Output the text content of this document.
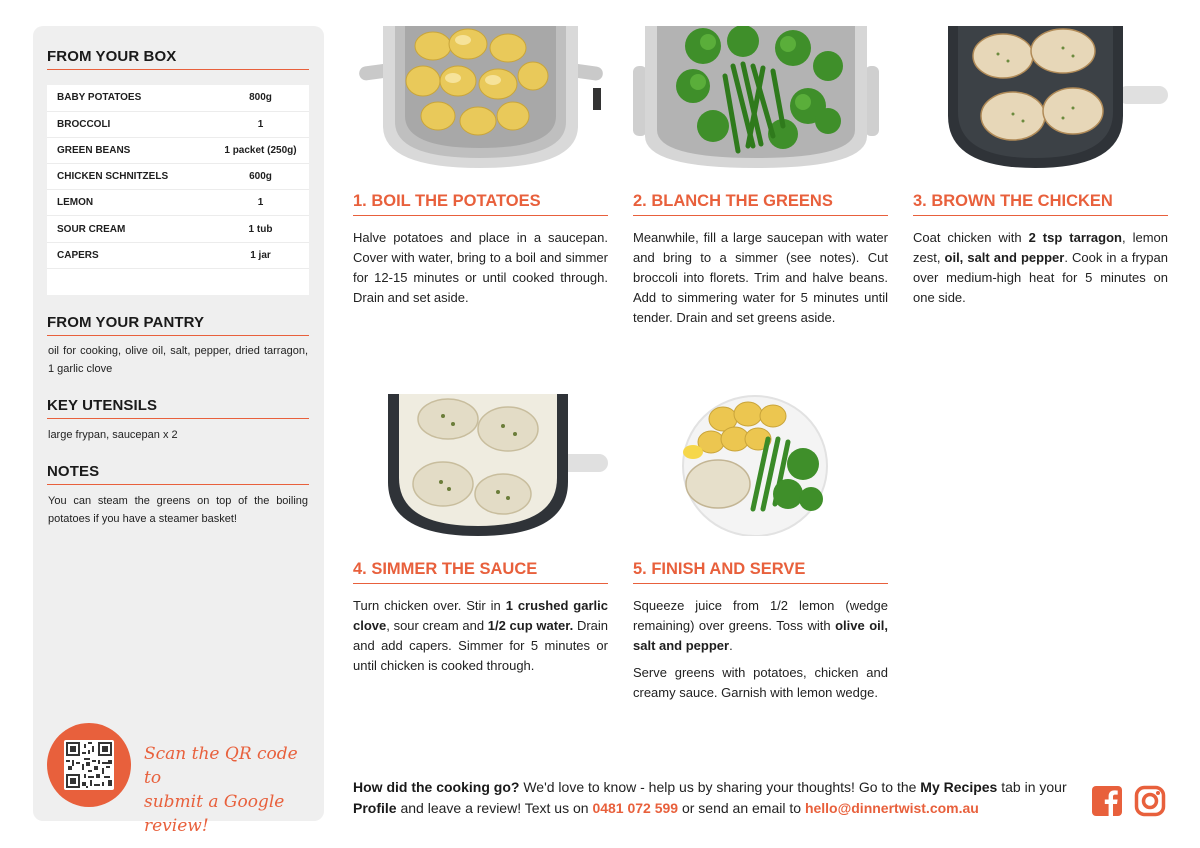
FROM YOUR BOX
BABY POTATOES	800g
BROCCOLI	1
GREEN BEANS	1 packet (250g)
CHICKEN SCHNITZELS	600g
LEMON	1
SOUR CREAM	1 tub
CAPERS	1 jar

FROM YOUR PANTRY
oil for cooking, olive oil, salt, pepper, dried tarragon, 1 garlic clove
KEY UTENSILS
large frypan, saucepan x 2
NOTES
You can steam the greens on top of the boiling potatoes if you have a steamer basket!
Scan the QR code to
submit a Google review!
1. BOIL THE POTATOES

Halve potatoes and place in a saucepan. Cover with water, bring to a boil and simmer for 12-15 minutes or until cooked through. Drain and set aside.

2. BLANCH THE GREENS

Meanwhile, fill a large saucepan with water and bring to a simmer (see notes). Cut broccoli into florets. Trim and halve beans. Add to simmering water for 5 minutes until tender. Drain and set greens aside.

3. BROWN THE CHICKEN

Coat chicken with 2 tsp tarragon, lemon zest, oil, salt and pepper. Cook in a frypan over medium-high heat for 5 minutes on one side.

4. SIMMER THE SAUCE

Turn chicken over. Stir in 1 crushed garlic clove, sour cream and 1/2 cup water. Drain and add capers. Simmer for 5 minutes or until chicken is cooked through.

5. FINISH AND SERVE

Squeeze juice from 1/2 lemon (wedge remaining) over greens. Toss with olive oil, salt and pepper.

Serve greens with potatoes, chicken and creamy sauce. Garnish with lemon wedge.

How did the cooking go? We'd love to know - help us by sharing your thoughts! Go to the My Recipes tab in your Profile and leave a review! Text us on 0481 072 599 or send an email to hello@dinnertwist.com.au
